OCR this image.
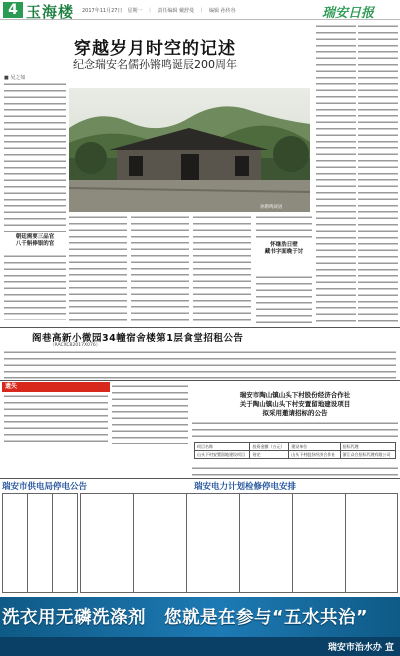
4 玉海楼 2017年11月27日　星期一　｜　责任编辑 戴舒曼　｜　编辑 孙传谷	瑞安日报
穿越岁月时空的记述
纪念瑞安名儒孙锵鸣诞辰200周年
■ 吴之如
朝廷需要三品官
八千斛俸银的官
孙锵鸣故居
怀继浩日壁
藏书字面晚于讨
阁巷高新小微园34幢宿舍楼第1层食堂招租公告
（RACXCB2017X076）
遗失
瑞安市陶山镇山头下村股份经济合作社
关于陶山镇山头下村安置留地建设项目
拟采用邀请招标的公告
项目名称	投资金额（万元）	建设单位	招标代理
山头下村安置留地建设项目	待定	山头下村股份经济合作社	浙江众合招标代理有限公司
瑞安市供电局停电公告	瑞安电力计划检修停电安排
洗衣用无磷洗涤剂　您就是在参与“五水共治”
瑞安市治水办 宣
